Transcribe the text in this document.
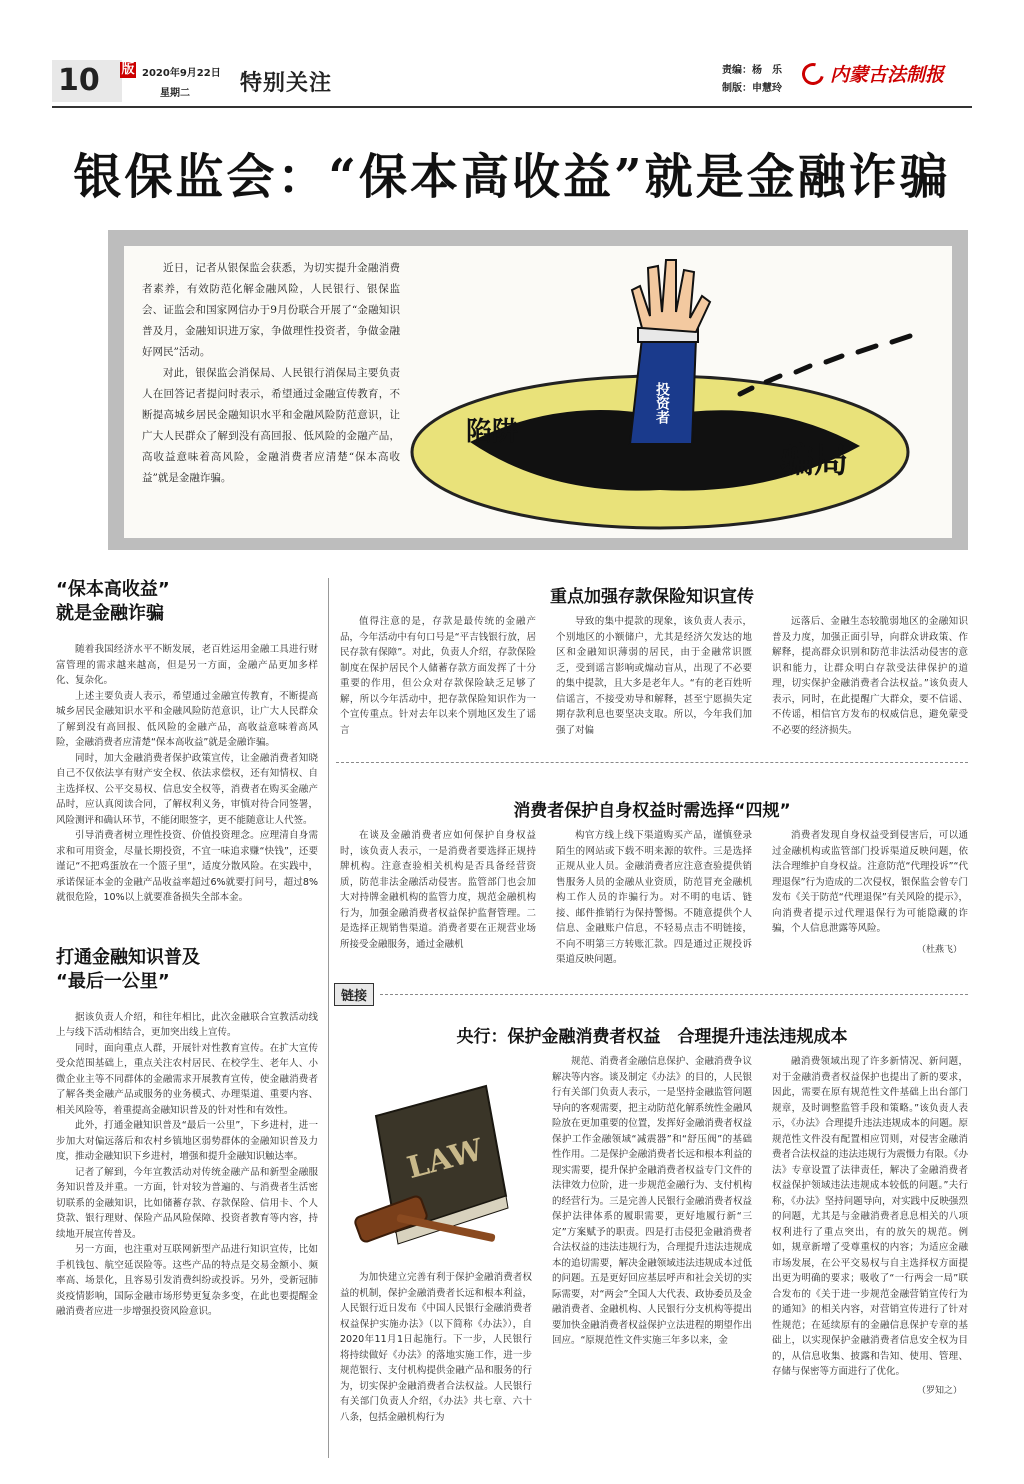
10 版 2020年9月22日
星期二 特别关注
责编：杨　乐
制版：申慧玲
内蒙古法制报
银保监会：“保本高收益”就是金融诈骗

近日，记者从银保监会获悉，为切实提升金融消费者素养，有效防范化解金融风险，人民银行、银保监会、证监会和国家网信办于9月份联合开展了“金融知识普及月，金融知识进万家，争做理性投资者，争做金融好网民”活动。

对此，银保监会消保局、人民银行消保局主要负责人在回答记者提问时表示，希望通过金融宣传教育，不断提高城乡居民金融知识水平和金融风险防范意识，让广大人民群众了解到没有高回报、低风险的金融产品，高收益意味着高风险，金融消费者应清楚“保本高收益”就是金融诈骗。

陷阱
投资者
骗局
“保本高收益”
就是金融诈骗

随着我国经济水平不断发展，老百姓运用金融工具进行财富管理的需求越来越高，但是另一方面，金融产品更加多样化、复杂化。

上述主要负责人表示，希望通过金融宣传教育，不断提高城乡居民金融知识水平和金融风险防范意识，让广大人民群众了解到没有高回报、低风险的金融产品，高收益意味着高风险，金融消费者应清楚“保本高收益”就是金融诈骗。

同时，加大金融消费者保护政策宣传，让金融消费者知晓自己不仅依法享有财产安全权、依法求偿权，还有知情权、自主选择权、公平交易权、信息安全权等，消费者在购买金融产品时，应认真阅读合同，了解权利义务，审慎对待合同签署，风险测评和确认环节，不能闭眼签字，更不能随意让人代签。

引导消费者树立理性投资、价值投资理念。应理清自身需求和可用资金，尽量长期投资，不宜一味追求赚“快钱”，还要谨记“不把鸡蛋放在一个篮子里”，适度分散风险。在实践中，承诺保证本金的金融产品收益率超过6%就要打问号，超过8%就很危险，10%以上就要准备损失全部本金。

打通金融知识普及
“最后一公里”

据该负责人介绍，和往年相比，此次金融联合宣教活动线上与线下活动相结合，更加突出线上宣传。

同时，面向重点人群，开展针对性教育宣传。在扩大宣传受众范围基础上，重点关注农村居民、在校学生、老年人、小微企业主等不同群体的金融需求开展教育宣传，使金融消费者了解各类金融产品或服务的业务模式、办理渠道、重要内容、相关风险等，着重提高金融知识普及的针对性和有效性。

此外，打通金融知识普及“最后一公里”，下乡进村，进一步加大对偏远落后和农村乡镇地区弱势群体的金融知识普及力度，推动金融知识下乡进村，增强和提升金融知识触达率。

记者了解到，今年宣教活动对传统金融产品和新型金融服务知识普及并重。一方面，针对较为普遍的、与消费者生活密切联系的金融知识，比如储蓄存款、存款保险、信用卡、个人贷款、银行理财、保险产品风险保障、投资者教育等内容，持续地开展宣传普及。

另一方面，也注重对互联网新型产品进行知识宣传，比如手机钱包、航空延误险等。这些产品的特点是交易金额小、频率高、场景化，且容易引发消费纠纷或投诉。另外，受新冠肺炎疫情影响，国际金融市场形势更复杂多变，在此也要提醒金融消费者应进一步增强投资风险意识。

重点加强存款保险知识宣传

值得注意的是，存款是最传统的金融产品，今年活动中有句口号是“平吉钱银行放，居民存款有保障”。对此，负责人介绍，存款保险制度在保护居民个人储蓄存款方面发挥了十分重要的作用，但公众对存款保险缺乏足够了解，所以今年活动中，把存款保险知识作为一个宣传重点。针对去年以来个别地区发生了谣言

导致的集中提款的现象，该负责人表示，个别地区的小额储户，尤其是经济欠发达的地区和金融知识薄弱的居民，由于金融常识匮乏，受到谣言影响或煽动盲从，出现了不必要的集中提款，且大多是老年人。“有的老百姓听信谣言，不接受劝导和解释，甚至宁愿损失定期存款利息也要坚决支取。所以，今年我们加强了对偏

远落后、金融生态较脆弱地区的金融知识普及力度，加强正面引导，向群众讲政策、作解释，提高群众识别和防范非法活动侵害的意识和能力，让群众明白存款受法律保护的道理，切实保护金融消费者合法权益。”该负责人表示，同时，在此提醒广大群众，要不信谣、不传谣，相信官方发布的权威信息，避免蒙受不必要的经济损失。

消费者保护自身权益时需选择“四规”

在谈及金融消费者应如何保护自身权益时，该负责人表示，一是消费者要选择正规持牌机构。注意查验相关机构是否具备经营资质，防范非法金融活动侵害。监管部门也会加大对持牌金融机构的监管力度，规范金融机构行为，加强金融消费者权益保护监督管理。二是选择正规销售渠道。消费者要在正规营业场所接受金融服务，通过金融机

构官方线上线下渠道购买产品，谨慎登录陌生的网站或下载不明来源的软件。三是选择正规从业人员。金融消费者应注意查验提供销售服务人员的金融从业资质，防范冒充金融机构工作人员的诈骗行为。对不明的电话、链接、邮件推销行为保持警惕。不随意提供个人信息、金融账户信息，不轻易点击不明链接，不向不明第三方转账汇款。四是通过正规投诉渠道反映问题。

消费者发现自身权益受到侵害后，可以通过金融机构或监管部门投诉渠道反映问题，依法合理维护自身权益。注意防范“代理投诉”“代理退保”行为造成的二次侵权，银保监会曾专门发布《关于防范“代理退保”有关风险的提示》，向消费者提示过代理退保行为可能隐藏的诈骗，个人信息泄露等风险。

（杜燕飞）
链接
央行：保护金融消费者权益　合理提升违法违规成本
LAW

为加快建立完善有利于保护金融消费者权益的机制，保护金融消费者长远和根本利益，人民银行近日发布《中国人民银行金融消费者权益保护实施办法》（以下简称《办法》），自2020年11月1日起施行。下一步，人民银行将持续做好《办法》的落地实施工作，进一步规范银行、支付机构提供金融产品和服务的行为，切实保护金融消费者合法权益。人民银行有关部门负责人介绍，《办法》共七章、六十八条，包括金融机构行为

规范、消费者金融信息保护、金融消费争议解决等内容。谈及制定《办法》的目的，人民银行有关部门负责人表示，一是坚持金融监管问题导向的客观需要，把主动防范化解系统性金融风险放在更加重要的位置，发挥好金融消费者权益保护工作金融领域“减震器”和“舒压阀”的基础性作用。二是保护金融消费者长远和根本利益的现实需要，提升保护金融消费者权益专门文件的法律效力位阶，进一步规范金融行为、支付机构的经营行为。三是完善人民银行金融消费者权益保护法律体系的履职需要，更好地履行新“三定”方案赋予的职责。四是打击侵犯金融消费者合法权益的违法违规行为，合理提升违法违规成本的追切需要，解决金融领域违法违规成本过低的问题。五是更好回应基层呼声和社会关切的实际需要，对“两会”全国人大代表、政协委员及金融消费者、金融机构、人民银行分支机构等提出要加快金融消费者权益保护立法进程的期望作出回应。“原规范性文件实施三年多以来，金

融消费领域出现了许多新情况、新问题，对于金融消费者权益保护也提出了新的要求，因此，需要在原有规范性文件基础上出台部门规章，及时调整监管手段和策略。”该负责人表示，《办法》合理提升违法违规成本的问题。原规范性文件没有配置相应罚则，对侵害金融消费者合法权益的违法违规行为震慑力有限。《办法》专章设置了法律责任，解决了金融消费者权益保护领域违法违规成本较低的问题。”夫行称，《办法》坚持问题导向，对实践中反映强烈的问题，尤其是与金融消费者息息相关的八项权利进行了重点突出，有的放矢的规范。例如，规章新增了受尊重权的内容；为适应金融市场发展，在公平交易权与自主选择权方面提出更为明确的要求；吸收了“一行两会一局”联合发布的《关于进一步规范金融营销宣传行为的通知》的相关内容，对营销宣传进行了针对性规范；在延续原有的金融信息保护专章的基础上，以实现保护金融消费者信息安全权为目的，从信息收集、披露和告知、使用、管理、存储与保密等方面进行了优化。

（罗知之）
